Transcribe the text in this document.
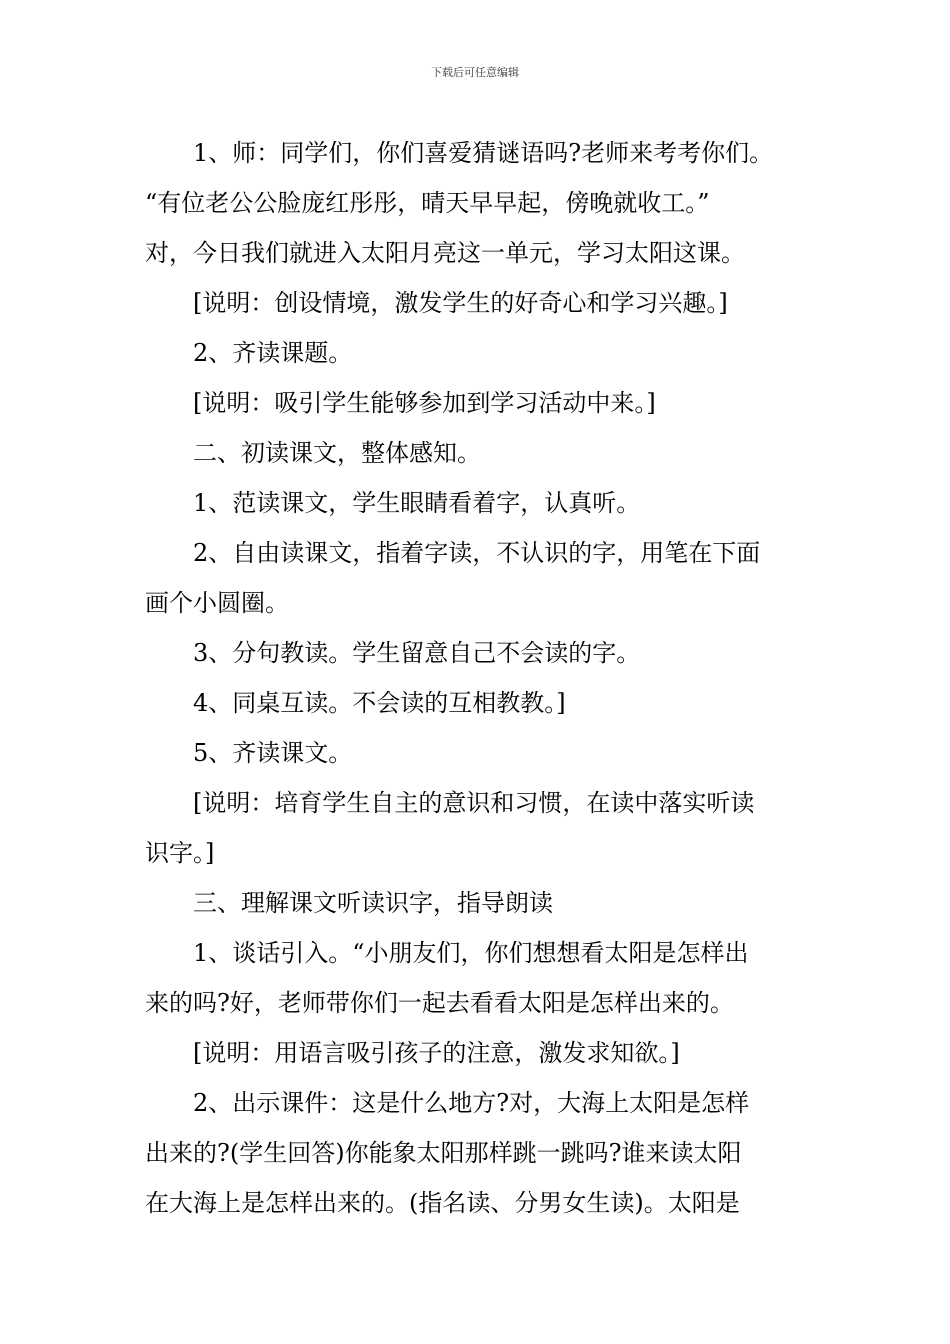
下载后可任意编辑

1、师：同学们，你们喜爱猜谜语吗?老师来考考你们。

“有位老公公脸庞红彤彤，晴天早早起，傍晚就收工。”

对，今日我们就进入太阳月亮这一单元，学习太阳这课。

[说明：创设情境，激发学生的好奇心和学习兴趣。]

2、齐读课题。

[说明：吸引学生能够参加到学习活动中来。]

二、初读课文，整体感知。

1、范读课文，学生眼睛看着字，认真听。

2、自由读课文，指着字读，不认识的字，用笔在下面

画个小圆圈。

3、分句教读。学生留意自己不会读的字。

4、同桌互读。不会读的互相教教。]

5、齐读课文。

[说明：培育学生自主的意识和习惯，在读中落实听读

识字。]

三、理解课文听读识字，指导朗读

1、谈话引入。“小朋友们，你们想想看太阳是怎样出

来的吗?好，老师带你们一起去看看太阳是怎样出来的。

[说明：用语言吸引孩子的注意，激发求知欲。]

2、出示课件：这是什么地方?对，大海上太阳是怎样

出来的?(学生回答)你能象太阳那样跳一跳吗?谁来读太阳

在大海上是怎样出来的。(指名读、分男女生读)。太阳是
